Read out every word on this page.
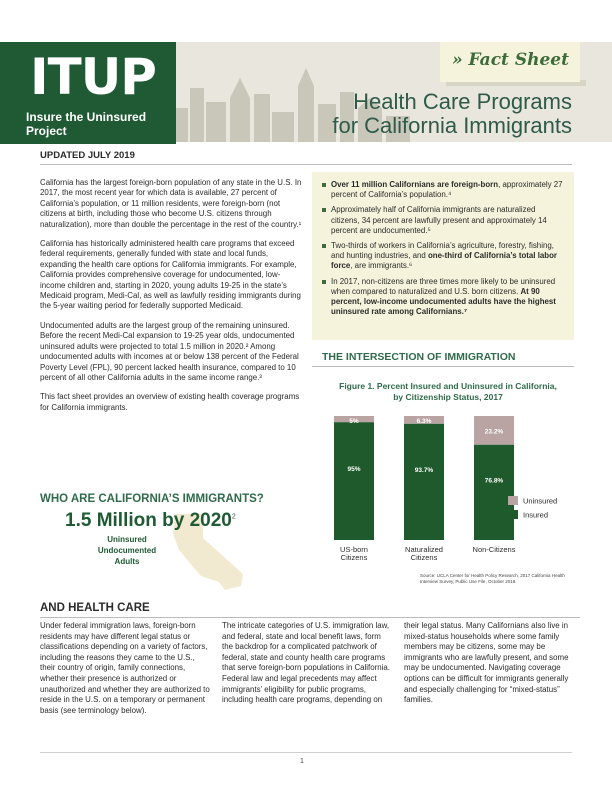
ITUP
Insure the Uninsured Project
» Fact Sheet
Health Care Programs
for California Immigrants
UPDATED JULY 2019

California has the largest foreign-born population of any state in the U.S. In 2017, the most recent year for which data is available, 27 percent of California’s population, or 11 million residents, were foreign-born (not citizens at birth, including those who become U.S. citizens through naturalization), more than double the percentage in the rest of the country.¹

California has historically administered health care programs that exceed federal requirements, generally funded with state and local funds, expanding the health care options for California immigrants. For example, California provides comprehensive coverage for undocumented, low-income children and, starting in 2020, young adults 19-25 in the state’s Medicaid program, Medi-Cal, as well as lawfully residing immigrants during the 5-year waiting period for federally supported Medicaid.

Undocumented adults are the largest group of the remaining uninsured. Before the recent Medi-Cal expansion to 19-25 year olds, undocumented uninsured adults were projected to total 1.5 million in 2020.² Among undocumented adults with incomes at or below 138 percent of the Federal Poverty Level (FPL), 90 percent lacked health insurance, compared to 10 percent of all other California adults in the same income range.³

This fact sheet provides an overview of existing health coverage programs for California immigrants.

WHO ARE CALIFORNIA’S IMMIGRANTS?
1.5 Million by 2020$^2$
Uninsured
Undocumented
Adults
Over 11 million Californians are foreign-born, approximately 27 percent of California’s population.⁴
Approximately half of California immigrants are naturalized citizens, 34 percent are lawfully present and approximately 14 percent are undocumented.⁵
Two-thirds of workers in California’s agriculture, forestry, fishing, and hunting industries, and one-third of California’s total labor force, are immigrants.⁶
In 2017, non-citizens are three times more likely to be uninsured when compared to naturalized and U.S. born citizens. At 90 percent, low-income undocumented adults have the highest uninsured rate among Californians.⁷
THE INTERSECTION OF IMMIGRATION
Figure 1. Percent Insured and Uninsured in California,
by Citizenship Status, 2017
5%
95%
US-born
Citizens
6.3%
93.7%
Naturalized
Citizens
23.2%
76.8%
Non-Citizens
Uninsured
Insured
Source: UCLA Center for Health Policy Research, 2017 California Health Interview Survey, Public Use File, October 2018.
AND HEALTH CARE
Under federal immigration laws, foreign-born residents may have different legal status or classifications depending on a variety of factors, including the reasons they came to the U.S., their country of origin, family connections, whether their presence is authorized or unauthorized and whether they are authorized to reside in the U.S. on a temporary or permanent basis (see terminology below).
The intricate categories of U.S. immigration law, and federal, state and local benefit laws, form the backdrop for a complicated patchwork of federal, state and county health care programs that serve foreign-born populations in California. Federal law and legal precedents may affect immigrants’ eligibility for public programs, including health care programs, depending on
their legal status. Many Californians also live in mixed-status households where some family members may be citizens, some may be immigrants who are lawfully present, and some may be undocumented. Navigating coverage options can be difficult for immigrants generally and especially challenging for “mixed-status” families.
1
